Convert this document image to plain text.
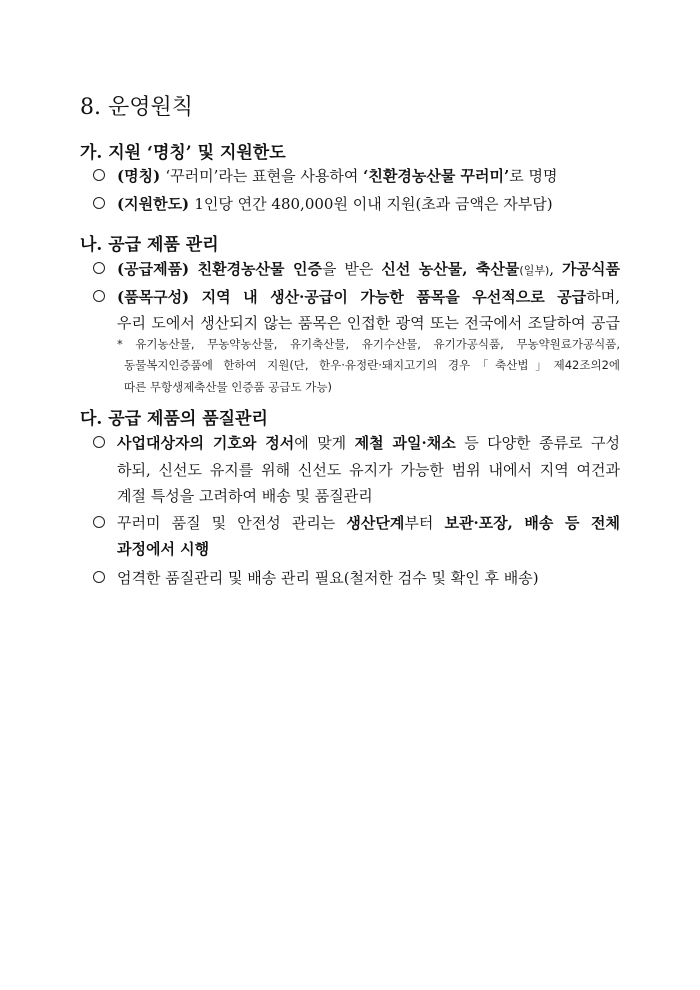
8. 운영원칙
가. 지원 ‘명칭’ 및 지원한도
(명칭) ‘꾸러미’라는 표현을 사용하여 ‘친환경농산물 꾸러미’로 명명
(지원한도) 1인당 연간 480,000원 이내 지원(초과 금액은 자부담)
나. 공급 제품 관리
(공급제품) 친환경농산물 인증을 받은 신선 농산물, 축산물(일부), 가공식품
(품목구성) 지역 내 생산·공급이 가능한 품목을 우선적으로 공급하며,
우리 도에서 생산되지 않는 품목은 인접한 광역 또는 전국에서 조달하여 공급
* 유기농산물, 무농약농산물, 유기축산물, 유기수산물, 유기가공식품, 무농약원료가공식품,
동물복지인증품에 한하여 지원(단, 한우·유정란·돼지고기의 경우「축산법」제42조의2에
따른 무항생제축산물 인증품 공급도 가능)
다. 공급 제품의 품질관리
사업대상자의 기호와 정서에 맞게 제철 과일·채소 등 다양한 종류로 구성
하되, 신선도 유지를 위해 신선도 유지가 가능한 범위 내에서 지역 여건과
계절 특성을 고려하여 배송 및 품질관리
꾸러미 품질 및 안전성 관리는 생산단계부터 보관·포장, 배송 등 전체
과정에서 시행
엄격한 품질관리 및 배송 관리 필요(철저한 검수 및 확인 후 배송)
